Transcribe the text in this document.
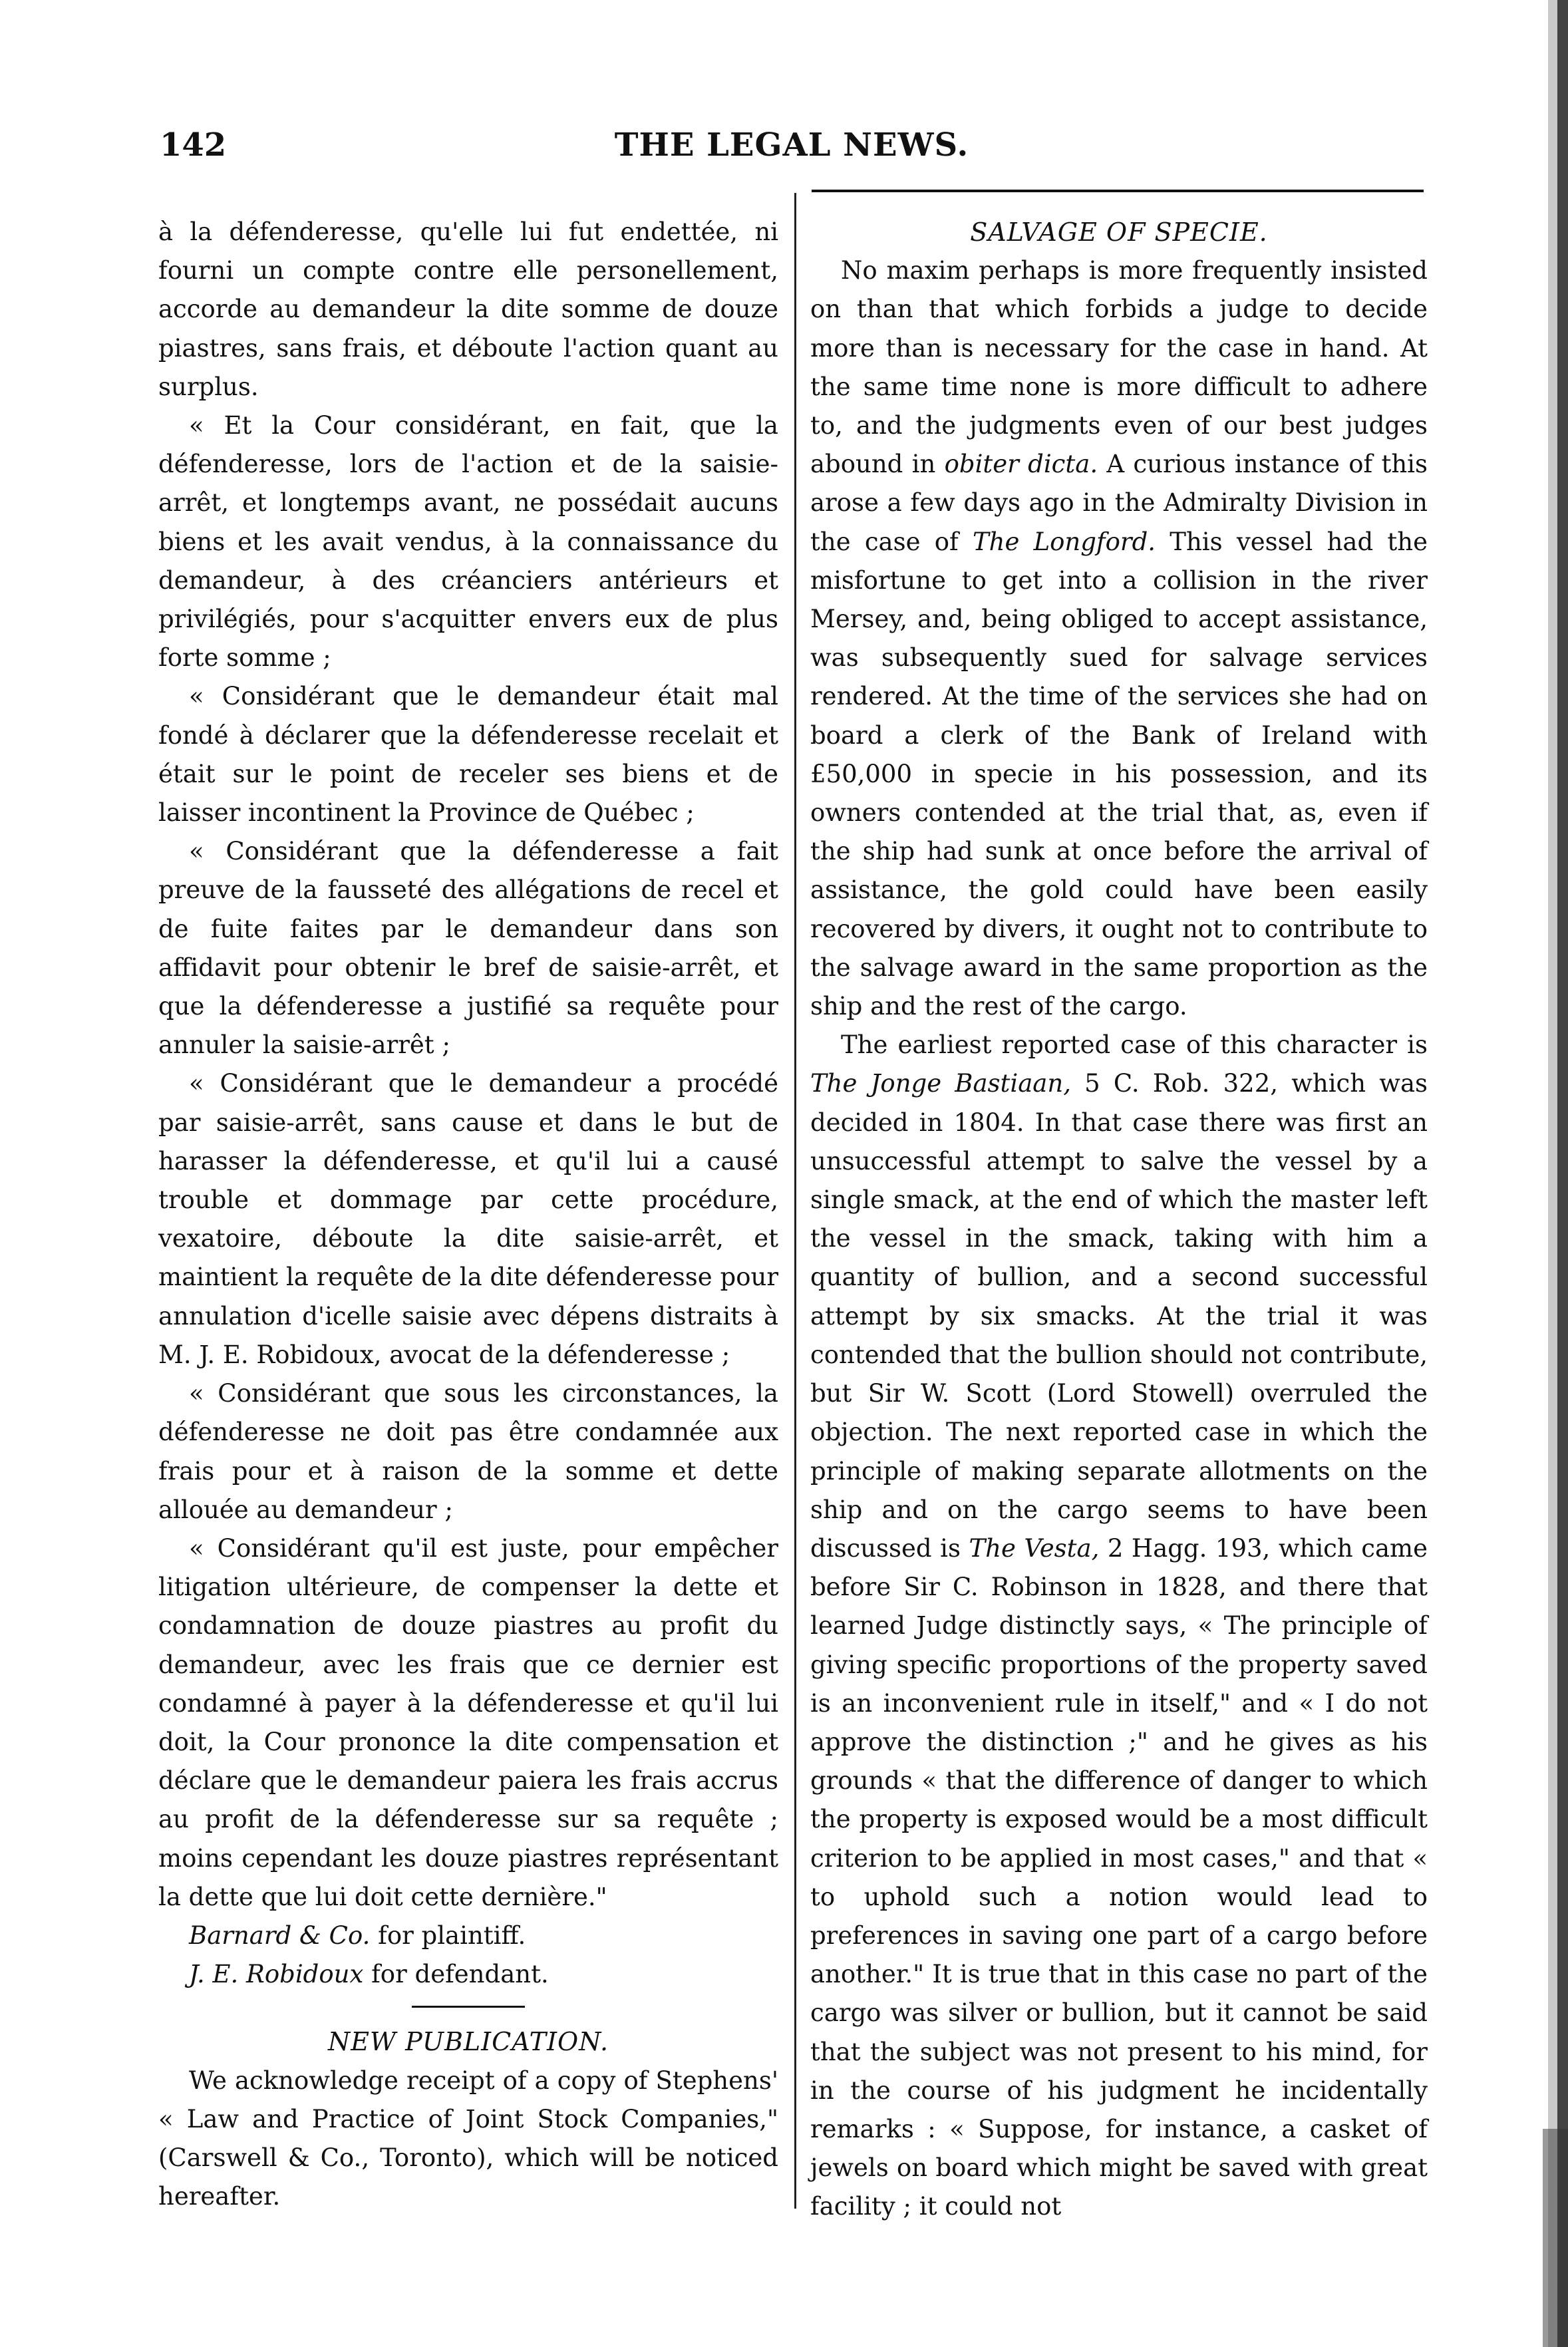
142	THE LEGAL NEWS.

à la défenderesse, qu'elle lui fut endettée, ni fourni un compte contre elle personellement, accorde au demandeur la dite somme de douze piastres, sans frais, et déboute l'action quant au surplus.

« Et la Cour considérant, en fait, que la défenderesse, lors de l'action et de la saisie-arrêt, et longtemps avant, ne possédait aucuns biens et les avait vendus, à la connaissance du demandeur, à des créanciers antérieurs et privilégiés, pour s'acquitter envers eux de plus forte somme ;

« Considérant que le demandeur était mal fondé à déclarer que la défenderesse recelait et était sur le point de receler ses biens et de laisser incontinent la Province de Québec ;

« Considérant que la défenderesse a fait preuve de la fausseté des allégations de recel et de fuite faites par le demandeur dans son affidavit pour obtenir le bref de saisie-arrêt, et que la défenderesse a justifié sa requête pour annuler la saisie-arrêt ;

« Considérant que le demandeur a procédé par saisie-arrêt, sans cause et dans le but de harasser la défenderesse, et qu'il lui a causé trouble et dommage par cette procédure, vexatoire, déboute la dite saisie-arrêt, et maintient la requête de la dite défenderesse pour annulation d'icelle saisie avec dépens distraits à M. J. E. Robidoux, avocat de la défenderesse ;

« Considérant que sous les circonstances, la défenderesse ne doit pas être condamnée aux frais pour et à raison de la somme et dette allouée au demandeur ;

« Considérant qu'il est juste, pour empêcher litigation ultérieure, de compenser la dette et condamnation de douze piastres au profit du demandeur, avec les frais que ce dernier est condamné à payer à la défenderesse et qu'il lui doit, la Cour prononce la dite compensation et déclare que le demandeur paiera les frais accrus au profit de la défenderesse sur sa requête ; moins cependant les douze piastres représentant la dette que lui doit cette dernière."

Barnard & Co. for plaintiff.

J. E. Robidoux for defendant.

NEW PUBLICATION.

We acknowledge receipt of a copy of Stephens' « Law and Practice of Joint Stock Companies," (Carswell & Co., Toronto), which will be noticed hereafter.

SALVAGE OF SPECIE.

No maxim perhaps is more frequently insisted on than that which forbids a judge to decide more than is necessary for the case in hand. At the same time none is more difficult to adhere to, and the judgments even of our best judges abound in obiter dicta. A curious instance of this arose a few days ago in the Admiralty Division in the case of The Longford. This vessel had the misfortune to get into a collision in the river Mersey, and, being obliged to accept assistance, was subsequently sued for salvage services rendered. At the time of the services she had on board a clerk of the Bank of Ireland with £50,000 in specie in his possession, and its owners contended at the trial that, as, even if the ship had sunk at once before the arrival of assistance, the gold could have been easily recovered by divers, it ought not to contribute to the salvage award in the same proportion as the ship and the rest of the cargo.

The earliest reported case of this character is The Jonge Bastiaan, 5 C. Rob. 322, which was decided in 1804. In that case there was first an unsuccessful attempt to salve the vessel by a single smack, at the end of which the master left the vessel in the smack, taking with him a quantity of bullion, and a second successful attempt by six smacks. At the trial it was contended that the bullion should not contribute, but Sir W. Scott (Lord Stowell) overruled the objection. The next reported case in which the principle of making separate allotments on the ship and on the cargo seems to have been discussed is The Vesta, 2 Hagg. 193, which came before Sir C. Robinson in 1828, and there that learned Judge distinctly says, « The principle of giving specific proportions of the property saved is an inconvenient rule in itself," and « I do not approve the distinction ;" and he gives as his grounds « that the difference of danger to which the property is exposed would be a most difficult criterion to be applied in most cases," and that « to uphold such a notion would lead to preferences in saving one part of a cargo before another." It is true that in this case no part of the cargo was silver or bullion, but it cannot be said that the subject was not present to his mind, for in the course of his judgment he incidentally remarks : « Suppose, for instance, a casket of jewels on board which might be saved with great facility ; it could not
